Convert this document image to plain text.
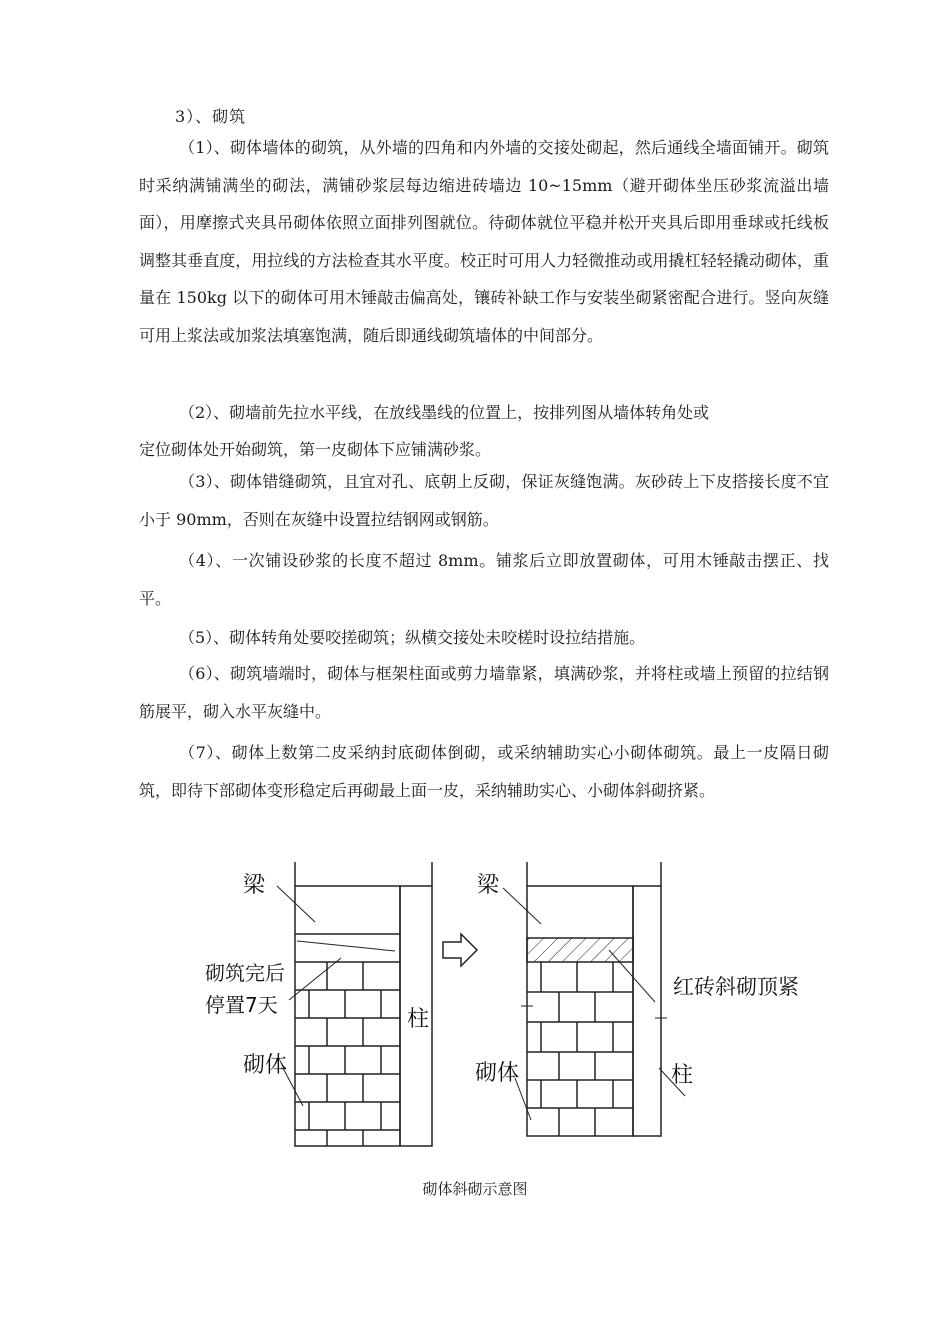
3）、砌筑

（1）、砌体墙体的砌筑，从外墙的四角和内外墙的交接处砌起，然后通线全墙面铺开。砌筑时采纳满铺满坐的砌法，满铺砂浆层每边缩进砖墙边 10~15mm（避开砌体坐压砂浆流溢出墙面），用摩擦式夹具吊砌体依照立面排列图就位。待砌体就位平稳并松开夹具后即用垂球或托线板调整其垂直度，用拉线的方法检查其水平度。校正时可用人力轻微推动或用撬杠轻轻撬动砌体，重量在 150kg 以下的砌体可用木锤敲击偏高处，镶砖补缺工作与安装坐砌紧密配合进行。竖向灰缝可用上浆法或加浆法填塞饱满，随后即通线砌筑墙体的中间部分。

（2）、砌墙前先拉水平线，在放线墨线的位置上，按排列图从墙体转角处或

定位砌体处开始砌筑，第一皮砌体下应铺满砂浆。

（3）、砌体错缝砌筑，且宜对孔、底朝上反砌，保证灰缝饱满。灰砂砖上下皮搭接长度不宜小于 90mm，否则在灰缝中设置拉结钢网或钢筋。

（4）、一次铺设砂浆的长度不超过 8mm。铺浆后立即放置砌体，可用木锤敲击摆正、找平。

（5）、砌体转角处要咬搓砌筑；纵横交接处未咬槎时设拉结措施。

（6）、砌筑墙端时，砌体与框架柱面或剪力墙靠紧，填满砂浆，并将柱或墙上预留的拉结钢筋展平，砌入水平灰缝中。

（7）、砌体上数第二皮采纳封底砌体倒砌，或采纳辅助实心小砌体砌筑。最上一皮隔日砌筑，即待下部砌体变形稳定后再砌最上面一皮，采纳辅助实心、小砌体斜砌挤紧。

梁
砌筑完后
停置7天
柱
砌体
梁
红砖斜砌顶紧
砌体	柱
砌体斜砌示意图
